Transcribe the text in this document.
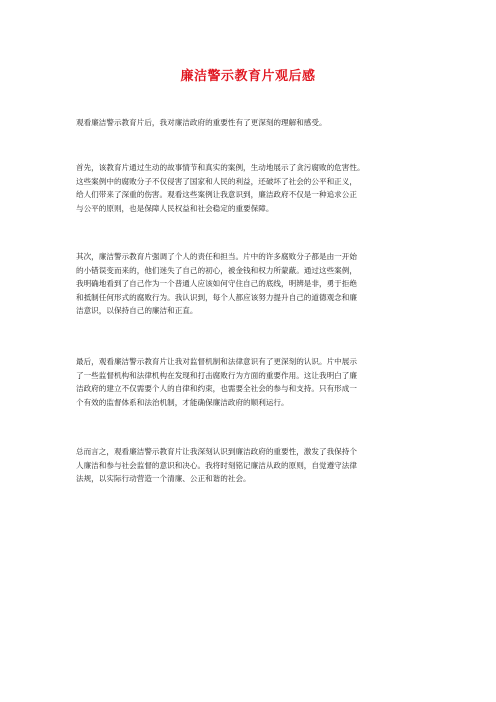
廉洁警示教育片观后感
观看廉洁警示教育片后，我对廉洁政府的重要性有了更深刻的理解和感受。
首先，该教育片通过生动的故事情节和真实的案例，生动地展示了贪污腐败的危害性。
这些案例中的腐败分子不仅侵害了国家和人民的利益，还破坏了社会的公平和正义，
给人们带来了深重的伤害。观看这些案例让我意识到，廉洁政府不仅是一种追求公正
与公平的原则，也是保障人民权益和社会稳定的重要保障。
其次，廉洁警示教育片强调了个人的责任和担当。片中的许多腐败分子都是由一开始
的小错误变而来的，他们迷失了自己的初心，被金钱和权力所蒙蔽。通过这些案例，
我明确地看到了自己作为一个普通人应该如何守住自己的底线，明辨是非，勇于拒绝
和抵制任何形式的腐败行为。我认识到，每个人都应该努力提升自己的道德观念和廉
洁意识，以保持自己的廉洁和正直。
最后，观看廉洁警示教育片让我对监督机制和法律意识有了更深刻的认识。片中展示
了一些监督机构和法律机构在发现和打击腐败行为方面的重要作用。这让我明白了廉
洁政府的建立不仅需要个人的自律和约束，也需要全社会的参与和支持。只有形成一
个有效的监督体系和法治机制，才能确保廉洁政府的顺利运行。
总而言之，观看廉洁警示教育片让我深刻认识到廉洁政府的重要性，激发了我保持个
人廉洁和参与社会监督的意识和决心。我将时刻铭记廉洁从政的原则，自觉遵守法律
法规，以实际行动营造一个清廉、公正和谐的社会。
